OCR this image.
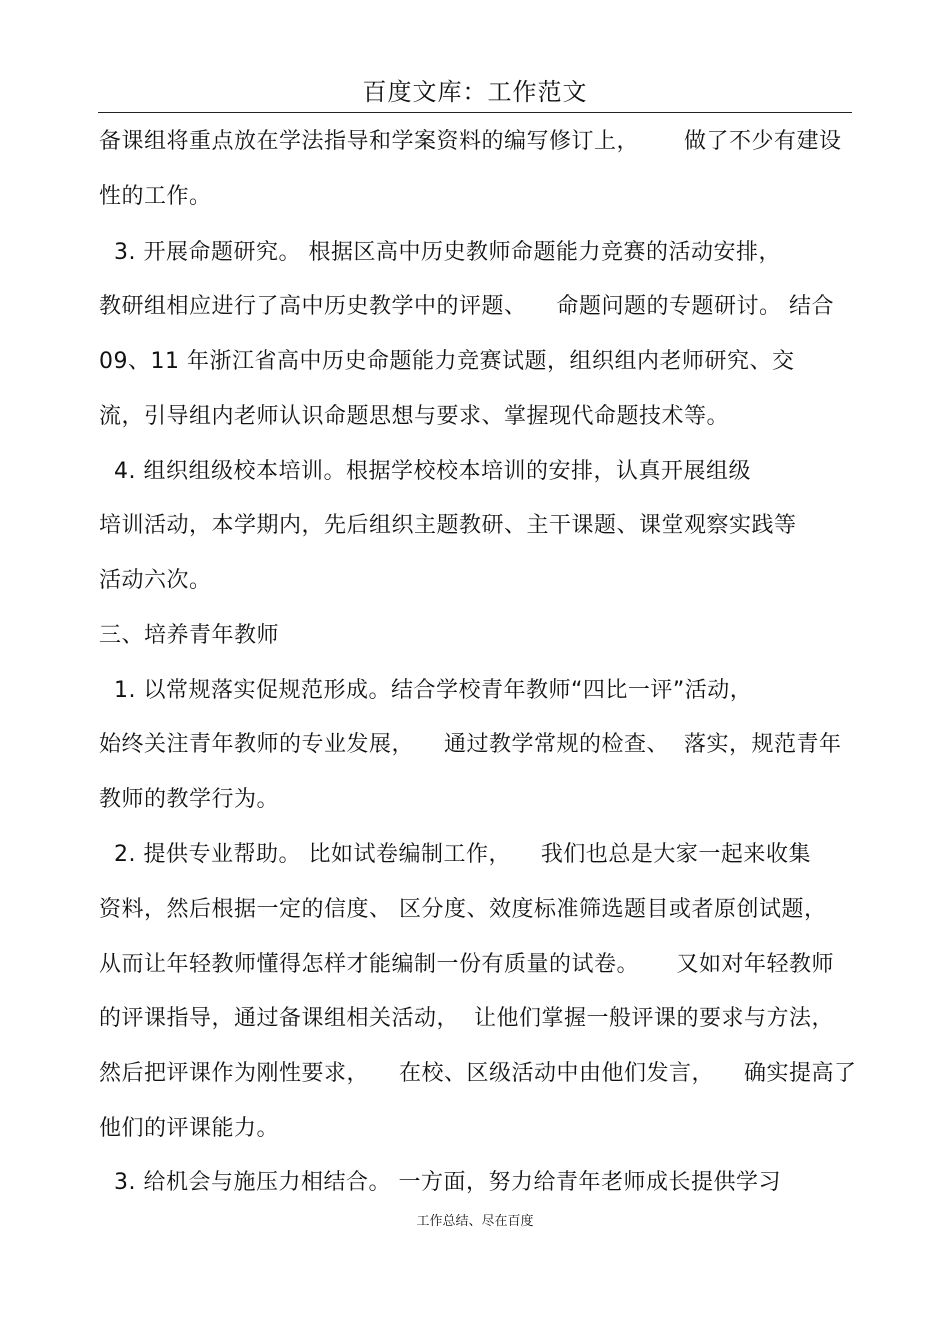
百度文库：工作范文
备课组将重点放在学法指导和学案资料的编写修订上，      做了不少有建设
性的工作。
3. 开展命题研究。 根据区高中历史教师命题能力竞赛的活动安排，
教研组相应进行了高中历史教学中的评题、    命题问题的专题研讨。 结合
09、11 年浙江省高中历史命题能力竞赛试题，组织组内老师研究、交
流，引导组内老师认识命题思想与要求、掌握现代命题技术等。
4. 组织组级校本培训。根据学校校本培训的安排，认真开展组级
培训活动，本学期内，先后组织主题教研、主干课题、课堂观察实践等
活动六次。
三、培养青年教师
1. 以常规落实促规范形成。结合学校青年教师“四比一评”活动，
始终关注青年教师的专业发展，    通过教学常规的检查、  落实，规范青年
教师的教学行为。
2. 提供专业帮助。 比如试卷编制工作，    我们也总是大家一起来收集
资料，然后根据一定的信度、 区分度、效度标准筛选题目或者原创试题，
从而让年轻教师懂得怎样才能编制一份有质量的试卷。     又如对年轻教师
的评课指导，通过备课组相关活动，  让他们掌握一般评课的要求与方法，
然后把评课作为刚性要求，    在校、区级活动中由他们发言，    确实提高了
他们的评课能力。
3. 给机会与施压力相结合。 一方面，努力给青年老师成长提供学习
工作总结、尽在百度
